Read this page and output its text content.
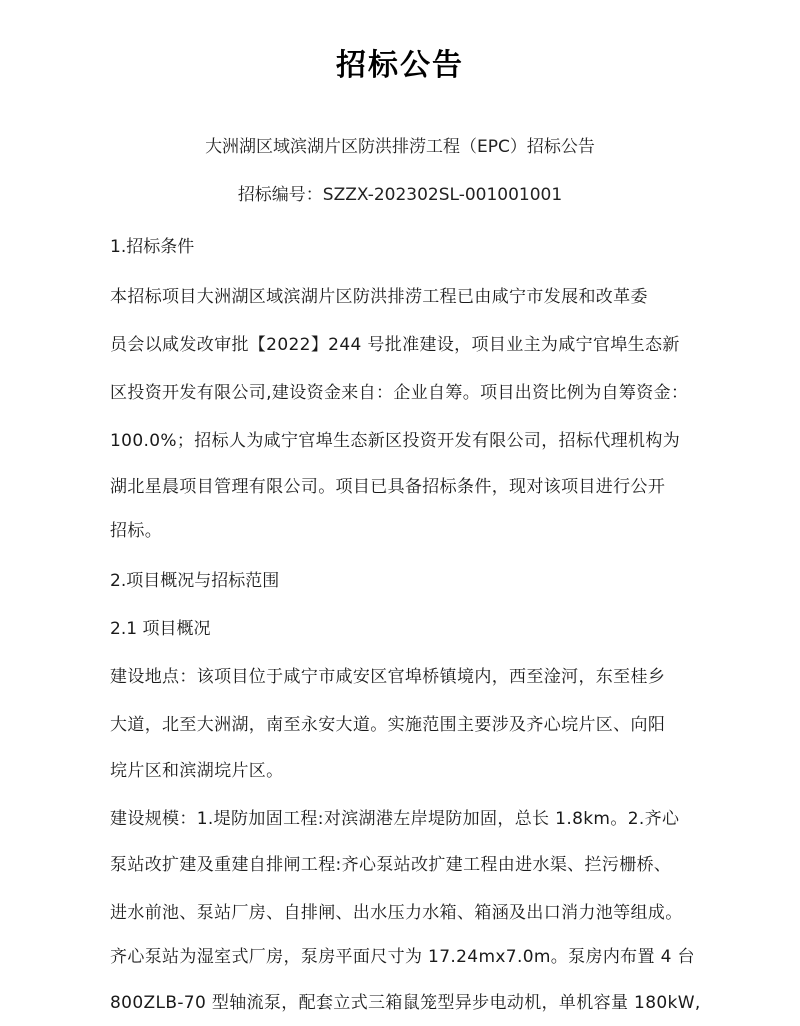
招标公告
大洲湖区域滨湖片区防洪排涝工程（EPC）招标公告
招标编号：SZZX-202302SL-001001001
1.招标条件
本招标项目大洲湖区域滨湖片区防洪排涝工程已由咸宁市发展和改革委
员会以咸发改审批【2022】244 号批准建设，项目业主为咸宁官埠生态新
区投资开发有限公司,建设资金来自：企业自筹。项目出资比例为自筹资金：
100.0%；招标人为咸宁官埠生态新区投资开发有限公司，招标代理机构为
湖北星晨项目管理有限公司。项目已具备招标条件，现对该项目进行公开
招标。
2.项目概况与招标范围
2.1 项目概况
建设地点：该项目位于咸宁市咸安区官埠桥镇境内，西至淦河，东至桂乡
大道，北至大洲湖，南至永安大道。实施范围主要涉及齐心垸片区、向阳
垸片区和滨湖垸片区。
建设规模：1.堤防加固工程:对滨湖港左岸堤防加固，总长 1.8km。2.齐心
泵站改扩建及重建自排闸工程:齐心泵站改扩建工程由进水渠、拦污栅桥、
进水前池、泵站厂房、自排闸、出水压力水箱、箱涵及出口消力池等组成。
齐心泵站为湿室式厂房，泵房平面尺寸为 17.24mx7.0m。泵房内布置 4 台
800ZLB-70 型轴流泵，配套立式三箱鼠笼型异步电动机，单机容量 180kW,
